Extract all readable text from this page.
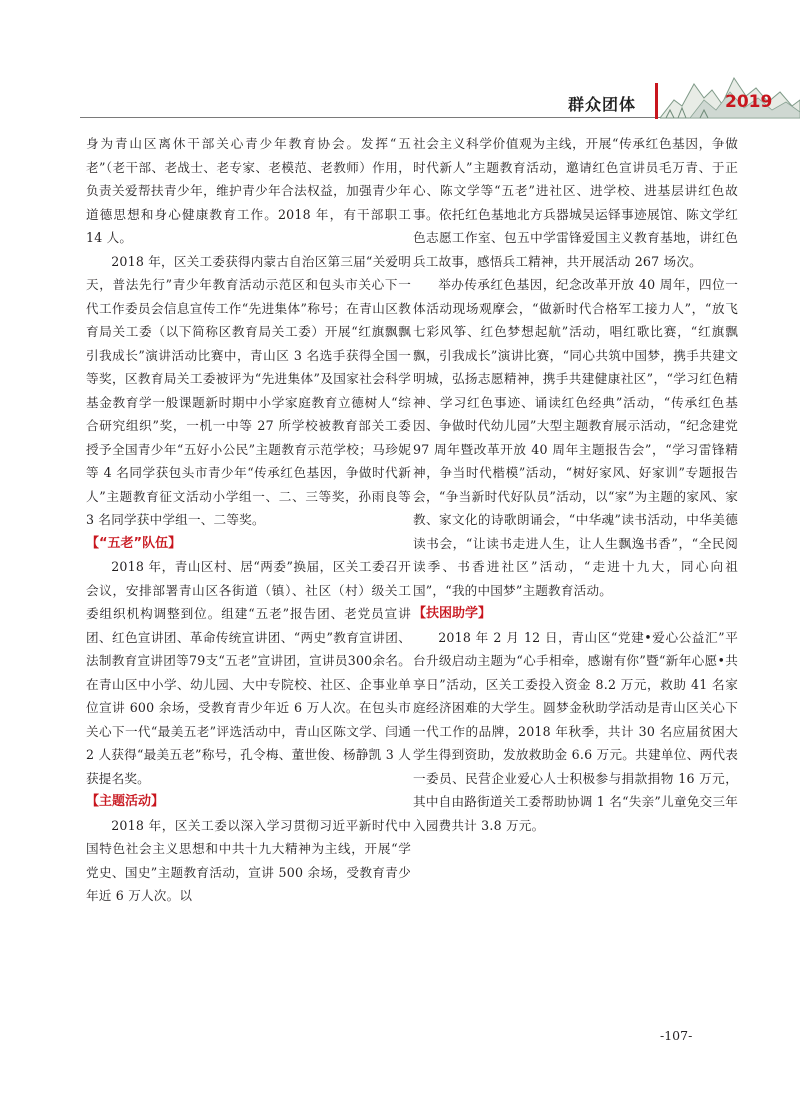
群众团体	2019

身为青山区离休干部关心青少年教育协会。发挥“五老”（老干部、老战士、老专家、老模范、老教师）作用，负责关爱帮扶青少年，维护青少年合法权益，加强青少年道德思想和身心健康教育工作。2018 年，有干部职工 14 人。

2018 年，区关工委获得内蒙古自治区第三届“关爱明天，普法先行”青少年教育活动示范区和包头市关心下一代工作委员会信息宣传工作“先进集体”称号；在青山区教育局关工委（以下简称区教育局关工委）开展“红旗飘飘引我成长”演讲活动比赛中，青山区 3 名选手获得全国一等奖，区教育局关工委被评为“先进集体”及国家社会科学基金教育学一般课题新时期中小学家庭教育立德树人“综合研究组织”奖，一机一中等 27 所学校被教育部关工委授予全国青少年“五好小公民”主题教育示范学校；马珍妮等 4 名同学获包头市青少年“传承红色基因，争做时代新人”主题教育征文活动小学组一、二、三等奖，孙雨良等 3 名同学获中学组一、二等奖。

【“五老”队伍】

2018 年，青山区村、居“两委”换届，区关工委召开会议，安排部署青山区各街道（镇）、社区（村）级关工委组织机构调整到位。组建“五老”报告团、老党员宣讲团、红色宣讲团、革命传统宣讲团、“两史”教育宣讲团、法制教育宣讲团等79支“五老”宣讲团，宣讲员300余名。在青山区中小学、幼儿园、大中专院校、社区、企事业单位宣讲 600 余场，受教育青少年近 6 万人次。在包头市关心下一代“最美五老”评选活动中，青山区陈文学、闫通 2 人获得“最美五老”称号，孔令梅、董世俊、杨静凯 3 人获提名奖。

【主题活动】

2018 年，区关工委以深入学习贯彻习近平新时代中国特色社会主义思想和中共十九大精神为主线，开展“学党史、国史”主题教育活动，宣讲 500 余场，受教育青少年近 6 万人次。以

社会主义科学价值观为主线，开展“传承红色基因，争做时代新人”主题教育活动，邀请红色宣讲员毛万青、于正心、陈文学等“五老”进社区、进学校、进基层讲红色故事。依托红色基地北方兵器城吴运铎事迹展馆、陈文学红色志愿工作室、包五中学雷锋爱国主义教育基地，讲红色兵工故事，感悟兵工精神，共开展活动 267 场次。

举办传承红色基因，纪念改革开放 40 周年，四位一体活动现场观摩会，“做新时代合格军工接力人”，“放飞七彩风筝、红色梦想起航”活动，唱红歌比赛，“红旗飘飘，引我成长”演讲比赛，“同心共筑中国梦，携手共建文明城，弘扬志愿精神，携手共建健康社区”，“学习红色精神、学习红色事迹、诵读红色经典”活动，“传承红色基因、争做时代幼儿园”大型主题教育展示活动，“纪念建党 97 周年暨改革开放 40 周年主题报告会”，“学习雷锋精神，争当时代楷模”活动，“树好家风、好家训”专题报告会，“争当新时代好队员”活动，以“家”为主题的家风、家教、家文化的诗歌朗诵会，“中华魂”读书活动，中华美德读书会，“让读书走进人生，让人生飘逸书香”，“全民阅读季、书香进社区”活动，“走进十九大，同心向祖国”，“我的中国梦”主题教育活动。

【扶困助学】

2018 年 2 月 12 日，青山区“党建•爱心公益汇”平台升级启动主题为“心手相牵，感谢有你”暨“新年心愿•共享日”活动，区关工委投入资金 8.2 万元，救助 41 名家庭经济困难的大学生。圆梦金秋助学活动是青山区关心下一代工作的品牌，2018 年秋季，共计 30 名应届贫困大学生得到资助，发放救助金 6.6 万元。共建单位、两代表一委员、民营企业爱心人士积极参与捐款捐物 16 万元，其中自由路街道关工委帮助协调 1 名“失亲”儿童免交三年入园费共计 3.8 万元。

-107-
